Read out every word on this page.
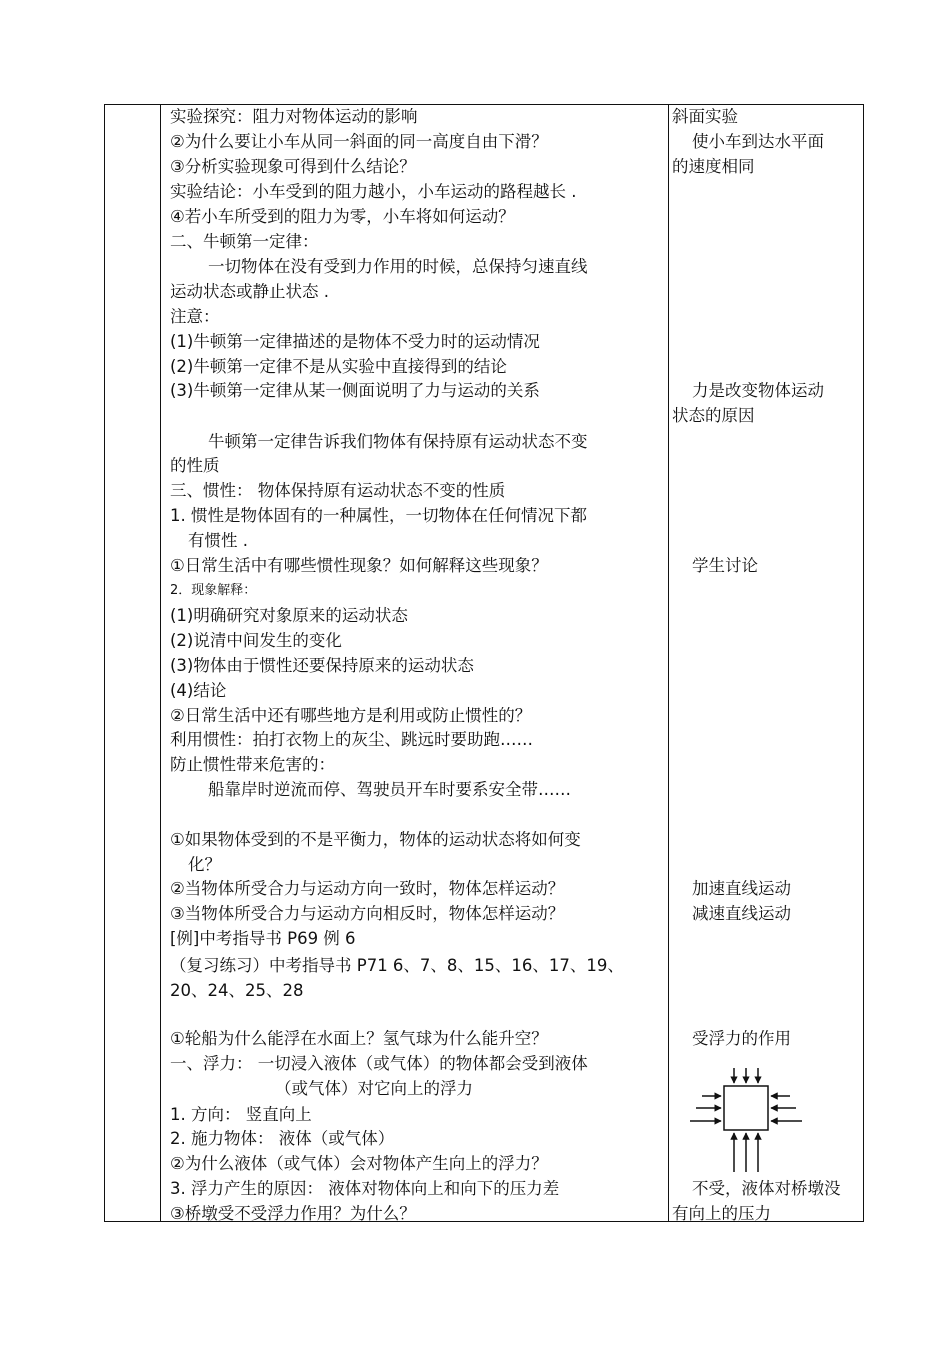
实验探究：阻力对物体运动的影响
②为什么要让小车从同一斜面的同一高度自由下滑？
③分析实验现象可得到什么结论？
实验结论：小车受到的阻力越小，小车运动的路程越长 .
④若小车所受到的阻力为零，小车将如何运动？
二、牛顿第一定律：
一切物体在没有受到力作用的时候，总保持匀速直线
运动状态或静止状态 .
注意：
(1)牛顿第一定律描述的是物体不受力时的运动情况
(2)牛顿第一定律不是从实验中直接得到的结论
(3)牛顿第一定律从某一侧面说明了力与运动的关系
牛顿第一定律告诉我们物体有保持原有运动状态不变
的性质
三、惯性： 物体保持原有运动状态不变的性质
1. 惯性是物体固有的一种属性，一切物体在任何情况下都
有惯性 .
①日常生活中有哪些惯性现象？如何解释这些现象？
2．现象解释：
(1)明确研究对象原来的运动状态
(2)说清中间发生的变化
(3)物体由于惯性还要保持原来的运动状态
(4)结论
②日常生活中还有哪些地方是利用或防止惯性的？
利用惯性：拍打衣物上的灰尘、跳远时要助跑……
防止惯性带来危害的：
船靠岸时逆流而停、驾驶员开车时要系安全带……
①如果物体受到的不是平衡力，物体的运动状态将如何变
化？
②当物体所受合力与运动方向一致时，物体怎样运动？
③当物体所受合力与运动方向相反时，物体怎样运动？
[例]中考指导书 P69 例 6
（复习练习）中考指导书 P71 6、7、8、15、16、17、19、
20、24、25、28
①轮船为什么能浮在水面上？氢气球为什么能升空？
一、浮力： 一切浸入液体（或气体）的物体都会受到液体
（或气体）对它向上的浮力
1. 方向： 竖直向上
2. 施力物体： 液体（或气体）
②为什么液体（或气体）会对物体产生向上的浮力？
3. 浮力产生的原因： 液体对物体向上和向下的压力差
③桥墩受不受浮力作用？为什么？
斜面实验
使小车到达水平面
的速度相同
力是改变物体运动
状态的原因
学生讨论
加速直线运动
减速直线运动
受浮力的作用
不受，液体对桥墩没
有向上的压力
